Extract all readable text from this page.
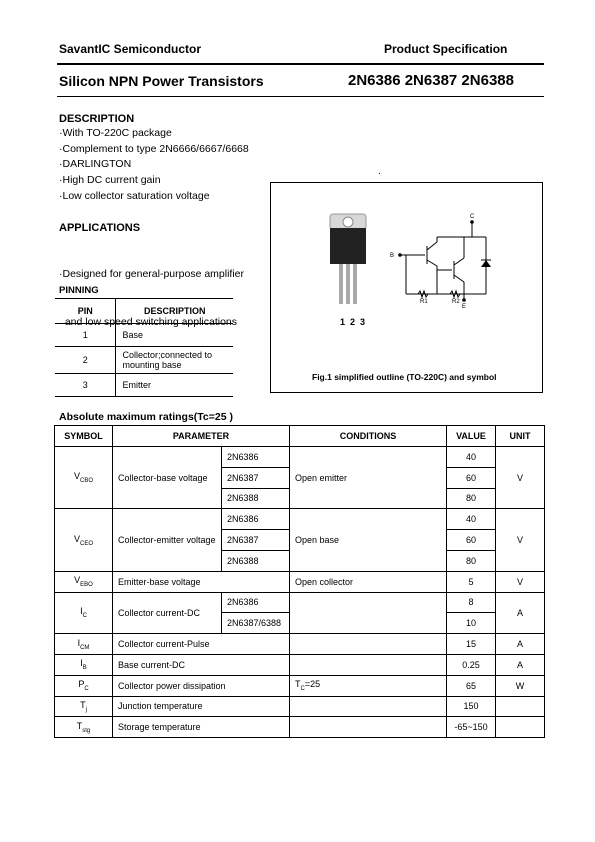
SavantIC Semiconductor	Product Specification
Silicon NPN Power Transistors	2N6386 2N6387 2N6388
DESCRIPTION
·With TO-220C package
·Complement to type 2N6666/6667/6668
·DARLINGTON
·High DC current gain
·Low collector saturation voltage
APPLICATIONS

·Designed for general-purpose amplifier

and low speed switching applications

PINNING
PIN	DESCRIPTION
1	Base
2	Collector;connected to mounting base
3	Emitter
.
1  2  3
C
B
E
R1	R2
Fig.1 simplified outline (TO-220C) and symbol
Absolute maximum ratings(Tc=25 )
SYMBOL	PARAMETER		CONDITIONS	VALUE	UNIT
$V_{CBO}$	Collector-base voltage	2N6386	Open emitter	40	V
		2N6387		60	
		2N6388		80	
$V_{CEO}$	Collector-emitter voltage	2N6386	Open base	40	V
		2N6387		60	
		2N6388		80	
$V_{EBO}$	Emitter-base voltage		Open collector	5	V
$I_C$	Collector current-DC	2N6386		8	A
		2N6387/6388		10	
$I_{CM}$	Collector current-Pulse			15	A
$I_B$	Base current-DC			0.25	A
$P_C$	Collector power dissipation		$T_C=25$	65	W
$T_j$	Junction temperature			150	
$T_{stg}$	Storage temperature			-65~150	
